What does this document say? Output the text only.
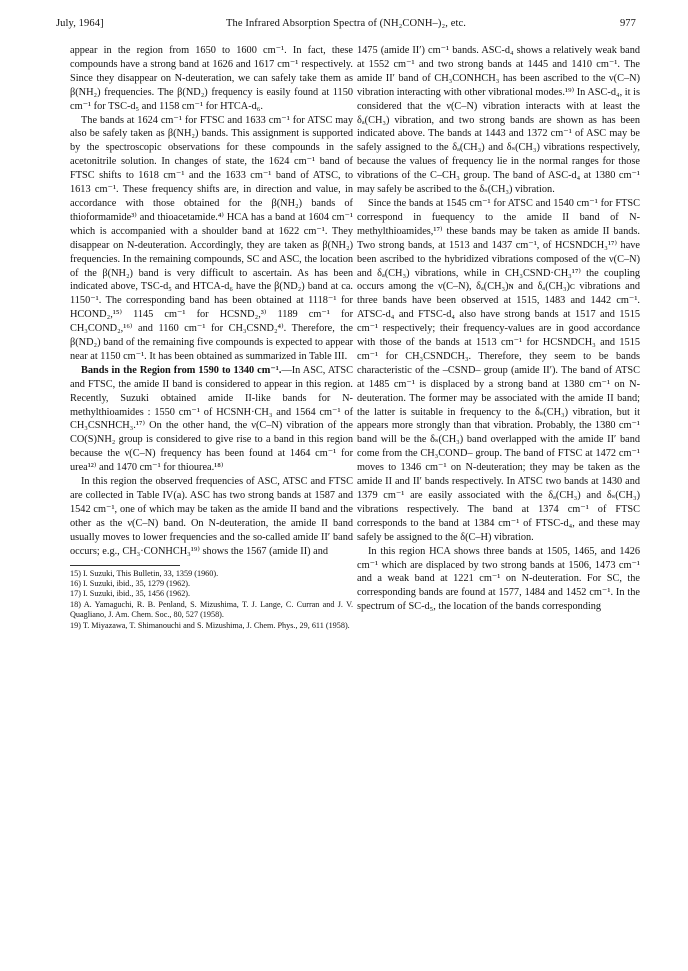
July, 1964]	The Infrared Absorption Spectra of (NH₂CONH–)₂, etc.	977

appear in the region from 1650 to 1600 cm⁻¹. In fact, these compounds have a strong band at 1626 and 1617 cm⁻¹ respectively. Since they disappear on N-deuteration, we can safely take them as β(NH₂) frequencies. The β(ND₂) frequency is easily found at 1150 cm⁻¹ for TSC-d₅ and 1158 cm⁻¹ for HTCA-d₆.

The bands at 1624 cm⁻¹ for FTSC and 1633 cm⁻¹ for ATSC may also be safely taken as β(NH₂) bands. This assignment is supported by the spectroscopic observations for these compounds in the acetonitrile solution. In changes of state, the 1624 cm⁻¹ band of FTSC shifts to 1618 cm⁻¹ and the 1633 cm⁻¹ band of ATSC, to 1613 cm⁻¹. These frequency shifts are, in direction and value, in accordance with those obtained for the β(NH₂) bands of thioformamide³⁾ and thioacetamide.⁴⁾ HCA has a band at 1604 cm⁻¹ which is accompanied with a shoulder band at 1622 cm⁻¹. They disappear on N-deuteration. Accordingly, they are taken as β(NH₂) frequencies. In the remaining compounds, SC and ASC, the location of the β(NH₂) band is very difficult to ascertain. As has been indicated above, TSC-d₅ and HTCA-d₆ have the β(ND₂) band at ca. 1150⁻¹. The corresponding band has been obtained at 1118⁻¹ for HCOND₂,¹⁵⁾ 1145 cm⁻¹ for HCSND₂,³⁾ 1189 cm⁻¹ for CH₃COND₂,¹⁶⁾ and 1160 cm⁻¹ for CH₃CSND₂⁴⁾. Therefore, the β(ND₂) band of the remaining five compounds is expected to appear near at 1150 cm⁻¹. It has been obtained as summarized in Table III.

Bands in the Region from 1590 to 1340 cm⁻¹.—In ASC, ATSC and FTSC, the amide II band is considered to appear in this region. Recently, Suzuki obtained amide II-like bands for N-methylthioamides : 1550 cm⁻¹ of HCSNH·CH₃ and 1564 cm⁻¹ of CH₃CSNHCH₃.¹⁷⁾ On the other hand, the ν(C–N) vibration of the CO(S)NH₂ group is considered to give rise to a band in this region because the ν(C–N) frequency has been found at 1464 cm⁻¹ for urea¹²⁾ and 1470 cm⁻¹ for thiourea.¹⁸⁾

In this region the observed frequencies of ASC, ATSC and FTSC are collected in Table IV(a). ASC has two strong bands at 1587 and 1542 cm⁻¹, one of which may be taken as the amide II band and the other as the ν(C–N) band. On N-deuteration, the amide II band usually moves to lower frequencies and the so-called amide II′ band occurs; e.g., CH₃·CONHCH₃¹⁹⁾ shows the 1567 (amide II) and

15) I. Suzuki, This Bulletin, 33, 1359 (1960).

16) I. Suzuki, ibid., 35, 1279 (1962).

17) I. Suzuki, ibid., 35, 1456 (1962).

18) A. Yamaguchi, R. B. Penland, S. Mizushima, T. J. Lange, C. Curran and J. V. Quagliano, J. Am. Chem. Soc., 80, 527 (1958).

19) T. Miyazawa, T. Shimanouchi and S. Mizushima, J. Chem. Phys., 29, 611 (1958).

1475 (amide II′) cm⁻¹ bands. ASC-d₄ shows a relatively weak band at 1552 cm⁻¹ and two strong bands at 1445 and 1410 cm⁻¹. The amide II′ band of CH₃CONHCH₃ has been ascribed to the ν(C–N) vibration interacting with other vibrational modes.¹⁹⁾ In ASC-d₄, it is considered that the ν(C–N) vibration interacts with at least the δₐ(CH₃) vibration, and two strong bands are shown as has been indicated above. The bands at 1443 and 1372 cm⁻¹ of ASC may be safely assigned to the δₐ(CH₃) and δₛ(CH₃) vibrations respectively, because the values of frequency lie in the normal ranges for those vibrations of the C–CH₃ group. The band of ASC-d₄ at 1380 cm⁻¹ may safely be ascribed to the δₛ(CH₃) vibration.

Since the bands at 1545 cm⁻¹ for ATSC and 1540 cm⁻¹ for FTSC correspond in fuequency to the amide II band of N-methylthioamides,¹⁷⁾ these bands may be taken as amide II bands. Two strong bands, at 1513 and 1437 cm⁻¹, of HCSNDCH₃¹⁷⁾ have been ascribed to the hybridized vibrations composed of the ν(C–N) and δₐ(CH₃) vibrations, while in CH₃CSND·CH₃¹⁷⁾ the coupling occurs among the ν(C–N), δₐ(CH₃)ɴ and δₐ(CH₃)ᴄ vibrations and three bands have been observed at 1515, 1483 and 1442 cm⁻¹. ATSC-d₄ and FTSC-d₄ also have strong bands at 1517 and 1515 cm⁻¹ respectively; their frequency-values are in good accordance with those of the bands at 1513 cm⁻¹ for HCSNDCH₃ and 1515 cm⁻¹ for CH₃CSNDCH₃. Therefore, they seem to be bands characteristic of the –CSND– group (amide II′). The band of ATSC at 1485 cm⁻¹ is displaced by a strong band at 1380 cm⁻¹ on N-deuteration. The former may be associated with the amide II band; the latter is suitable in frequency to the δₛ(CH₃) vibration, but it appears more strongly than that vibration. Probably, the 1380 cm⁻¹ band will be the δₛ(CH₃) band overlapped with the amide II′ band come from the CH₃COND– group. The band of FTSC at 1472 cm⁻¹ moves to 1346 cm⁻¹ on N-deuteration; they may be taken as the amide II and II′ bands respectively. In ATSC two bands at 1430 and 1379 cm⁻¹ are easily associated with the δₐ(CH₃) and δₛ(CH₃) vibrations respectively. The band at 1374 cm⁻¹ of FTSC corresponds to the band at 1384 cm⁻¹ of FTSC-d₄, and these may safely be assigned to the δ(C–H) vibration.

In this region HCA shows three bands at 1505, 1465, and 1426 cm⁻¹ which are displaced by two strong bands at 1506, 1473 cm⁻¹ and a weak band at 1221 cm⁻¹ on N-deuteration. For SC, the corresponding bands are found at 1577, 1484 and 1452 cm⁻¹. In the spectrum of SC-d₅, the location of the bands corresponding
